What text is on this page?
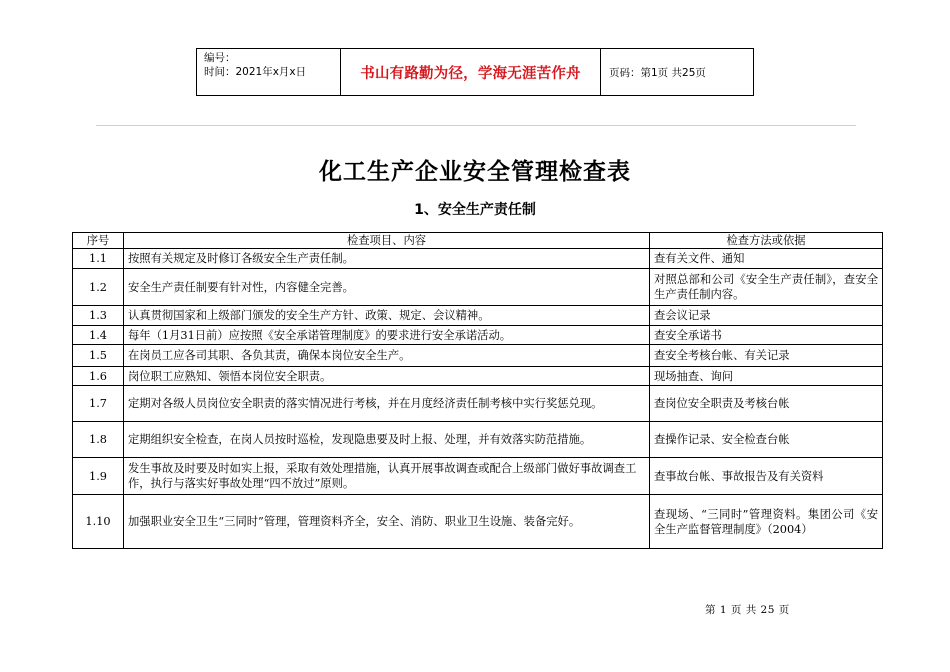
编号：
时间：2021年x月x日	书山有路勤为径，学海无涯苦作舟	页码：第1页 共25页
化工生产企业安全管理检查表
1、安全生产责任制
序号	检查项目、内容	检查方法或依据
1.1	按照有关规定及时修订各级安全生产责任制。	查有关文件、通知
1.2	安全生产责任制要有针对性，内容健全完善。	对照总部和公司《安全生产责任制》，查安全生产责任制内容。
1.3	认真贯彻国家和上级部门颁发的安全生产方针、政策、规定、会议精神。	查会议记录
1.4	每年（1月31日前）应按照《安全承诺管理制度》的要求进行安全承诺活动。	查安全承诺书
1.5	在岗员工应各司其职、各负其责，确保本岗位安全生产。	查安全考核台帐、有关记录
1.6	岗位职工应熟知、领悟本岗位安全职责。	现场抽查、询问
1.7	定期对各级人员岗位安全职责的落实情况进行考核，并在月度经济责任制考核中实行奖惩兑现。	查岗位安全职责及考核台帐
1.8	定期组织安全检查，在岗人员按时巡检，发现隐患要及时上报、处理，并有效落实防范措施。	查操作记录、安全检查台帐
1.9	发生事故及时要及时如实上报，采取有效处理措施，认真开展事故调查或配合上级部门做好事故调查工作，执行与落实好事故处理“四不放过”原则。	查事故台帐、事故报告及有关资料
1.10	加强职业安全卫生“三同时”管理，管理资料齐全，安全、消防、职业卫生设施、装备完好。	查现场、“三同时”管理资料。集团公司《安全生产监督管理制度》（2004）
第 1 页 共 25 页
